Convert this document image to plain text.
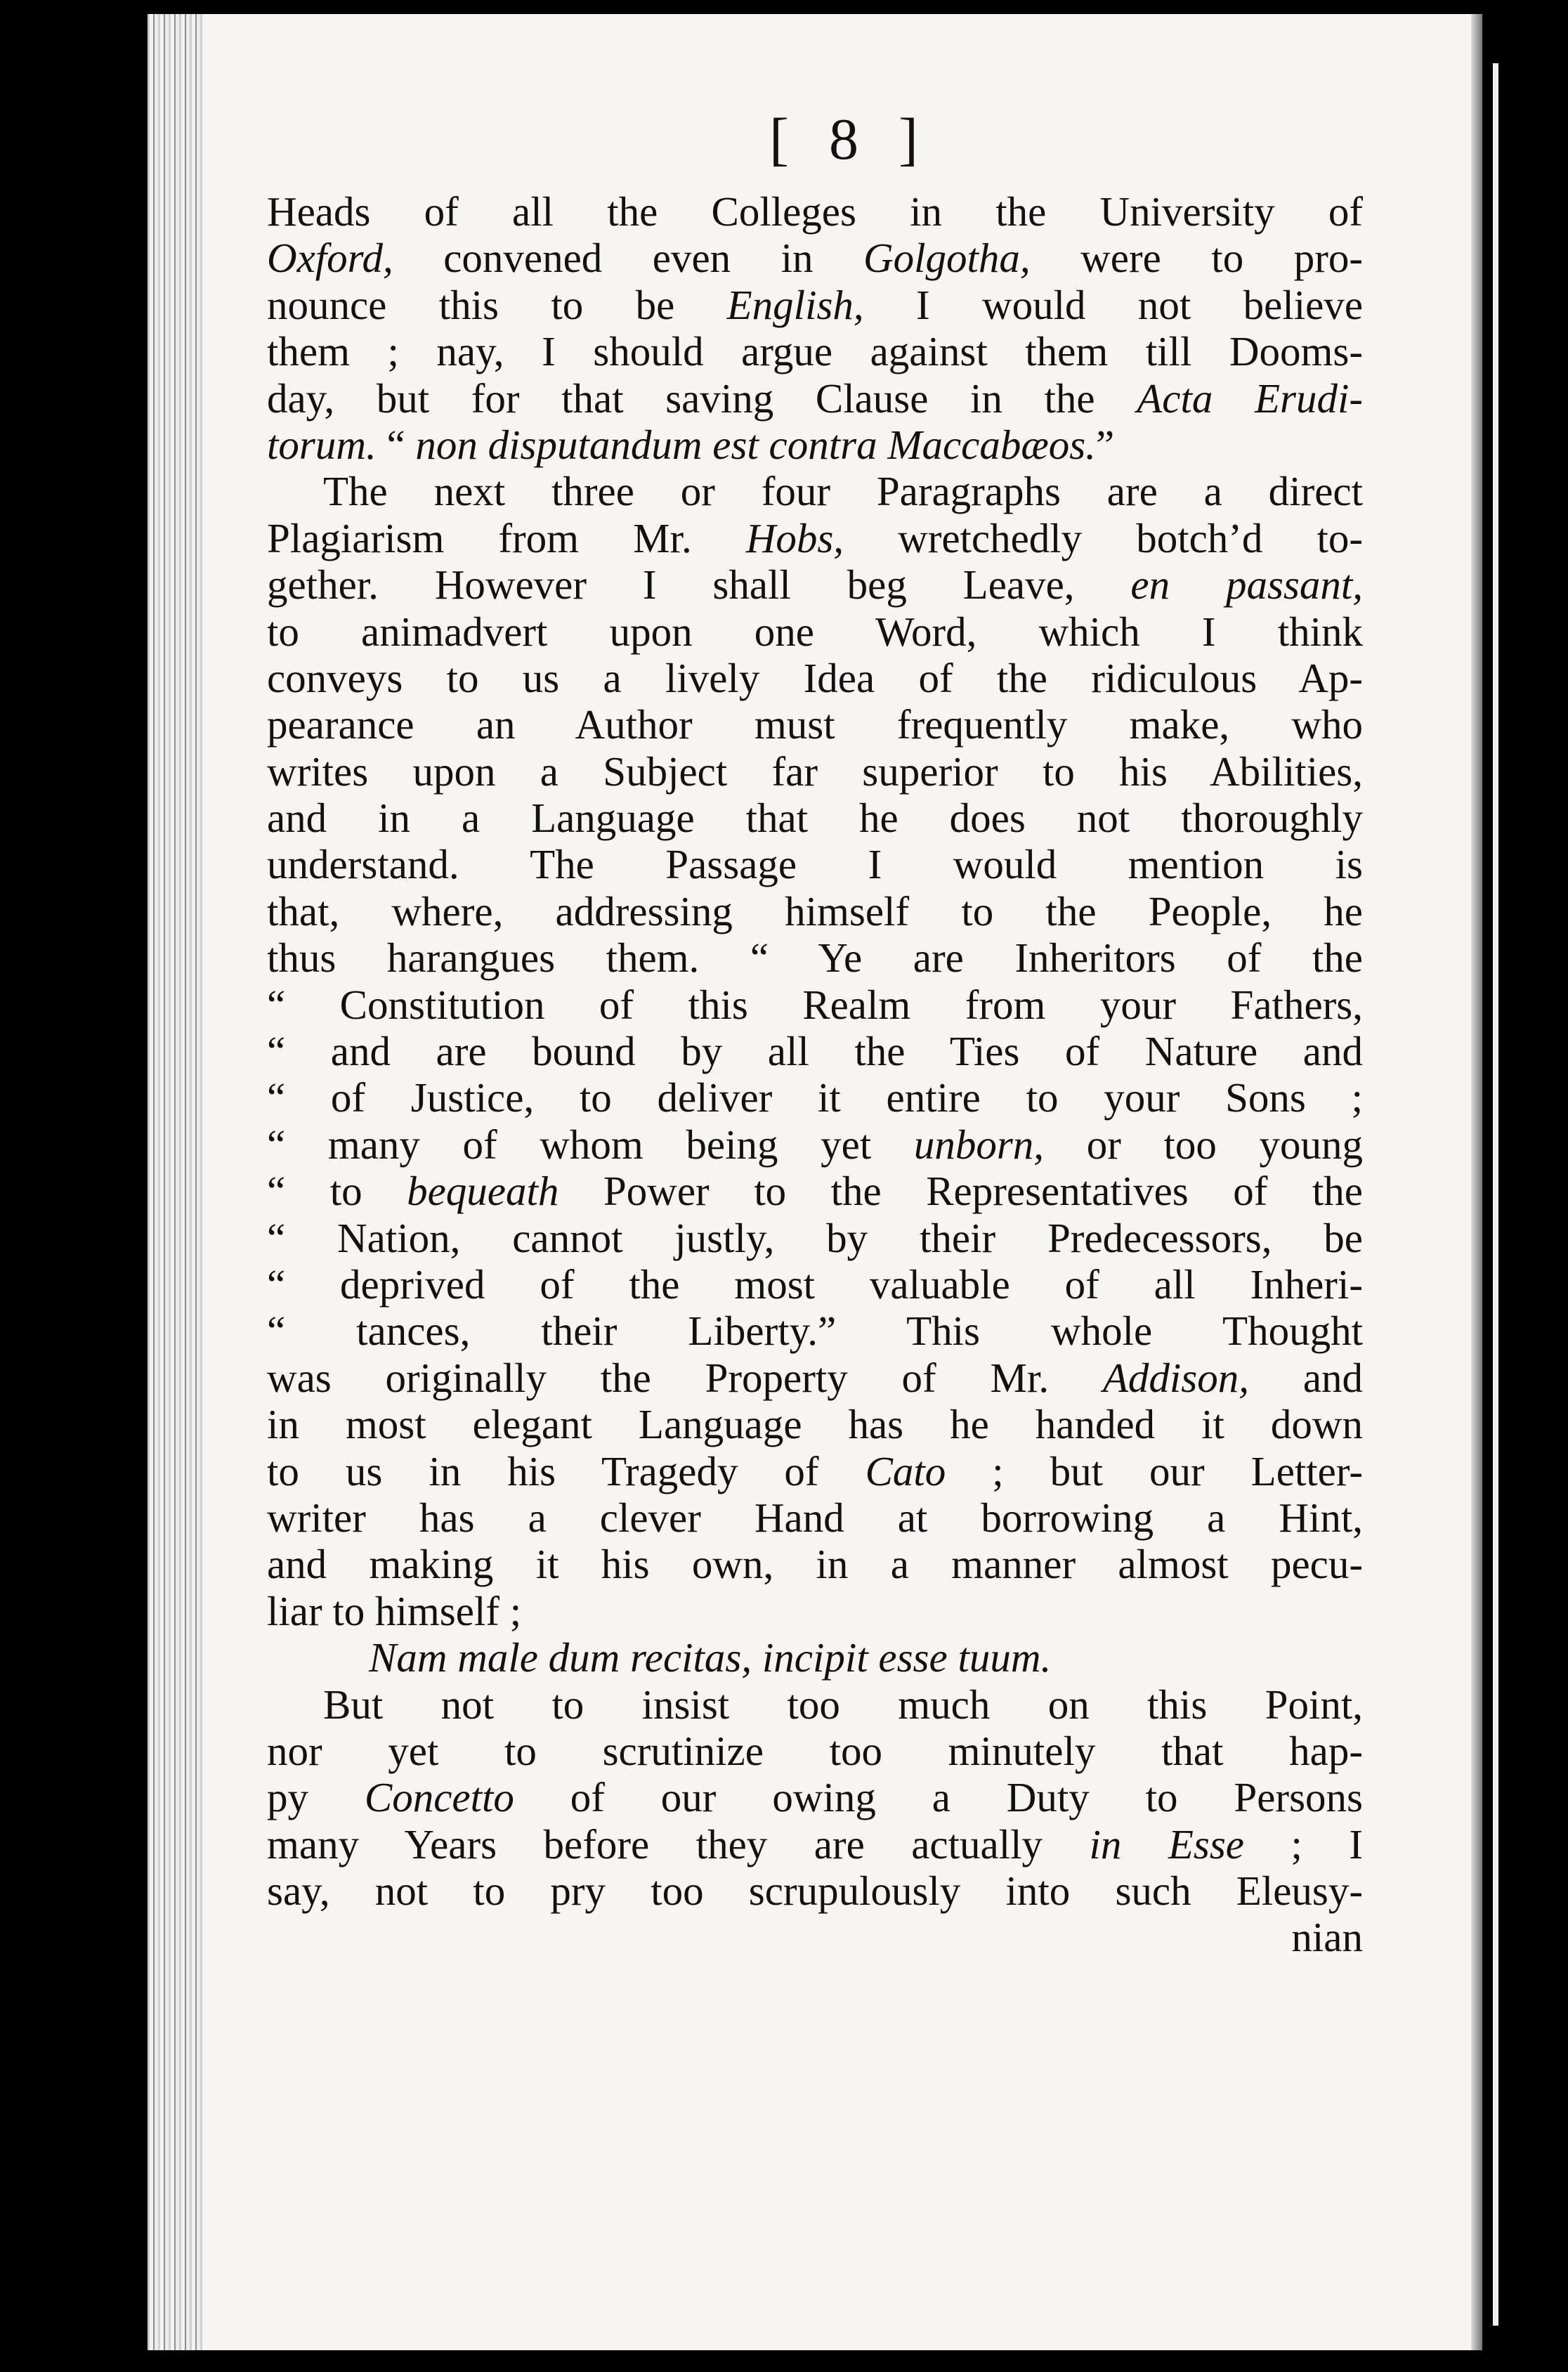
[ 8 ]
Heads of all the Colleges in the University of
Oxford, convened even in Golgotha, were to pro-
nounce this to be English, I would not believe
them ; nay, I should argue against them till Dooms-
day, but for that saving Clause in the Acta Erudi-
torum. “ non disputandum est contra Maccabæos.”
The next three or four Paragraphs are a direct
Plagiarism from Mr. Hobs, wretchedly botch’d to-
gether. However I shall beg Leave, en passant,
to animadvert upon one Word, which I think
conveys to us a lively Idea of the ridiculous Ap-
pearance an Author must frequently make, who
writes upon a Subject far superior to his Abilities,
and in a Language that he does not thoroughly
understand. The Passage I would mention is
that, where, addressing himself to the People, he
thus harangues them. “ Ye are Inheritors of the
“ Constitution of this Realm from your Fathers,
“ and are bound by all the Ties of Nature and
“ of Justice, to deliver it entire to your Sons ;
“ many of whom being yet unborn, or too young
“ to bequeath Power to the Representatives of the
“ Nation, cannot justly, by their Predecessors, be
“ deprived of the most valuable of all Inheri-
“ tances, their Liberty.” This whole Thought
was originally the Property of Mr. Addison, and
in most elegant Language has he handed it down
to us in his Tragedy of Cato ; but our Letter-
writer has a clever Hand at borrowing a Hint,
and making it his own, in a manner almost pecu-
liar to himself ;
Nam male dum recitas, incipit esse tuum.
But not to insist too much on this Point,
nor yet to scrutinize too minutely that hap-
py Concetto of our owing a Duty to Persons
many Years before they are actually in Esse ; I
say, not to pry too scrupulously into such Eleusy-
nian
